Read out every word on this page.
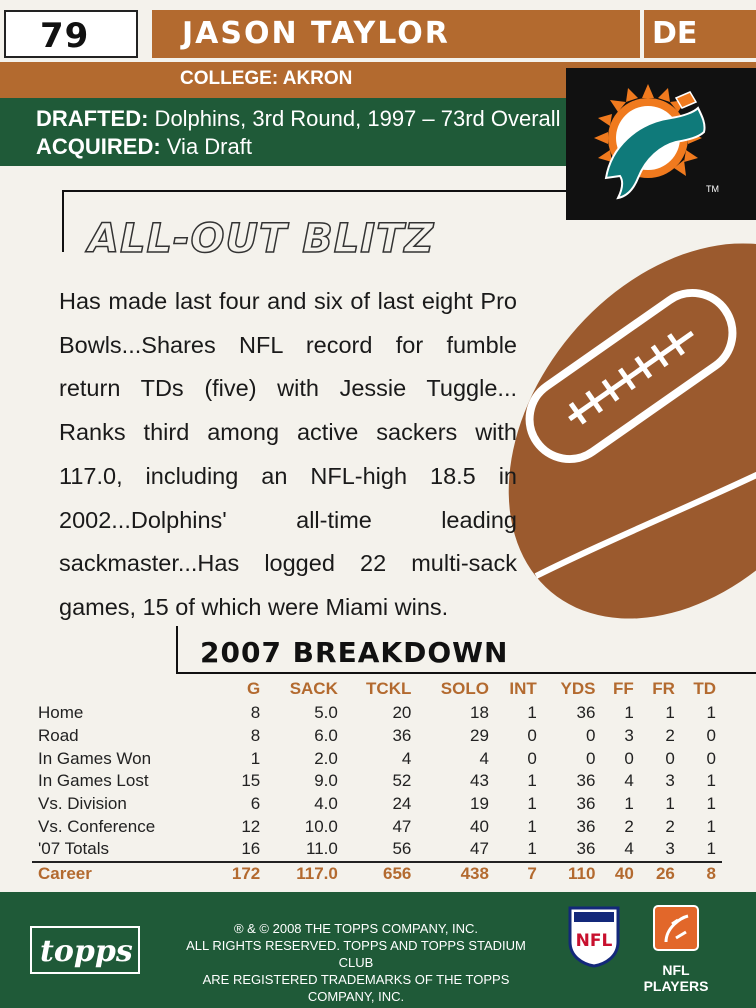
79	JASON TAYLOR	DE
COLLEGE: AKRON
DRAFTED: Dolphins, 3rd Round, 1997 – 73rd Overall
ACQUIRED: Via Draft
TM
ALL-OUT BLITZ
Has made last four and six of last eight Pro Bowls...Shares NFL record for fumble return TDs (five) with Jessie Tuggle... Ranks third among active sackers with 117.0, including an NFL-high 18.5 in 2002...Dolphins' all-time leading sackmaster...Has logged 22 multi-sack games, 15 of which were Miami wins.
2007 BREAKDOWN
	G	SACK	TCKL	SOLO	INT	YDS	FF	FR	TD
Home	8	5.0	20	18	1	36	1	1	1
Road	8	6.0	36	29	0	0	3	2	0
In Games Won	1	2.0	4	4	0	0	0	0	0
In Games Lost	15	9.0	52	43	1	36	4	3	1
Vs. Division	6	4.0	24	19	1	36	1	1	1
Vs. Conference	12	10.0	47	40	1	36	2	2	1
'07 Totals	16	11.0	56	47	1	36	4	3	1
Career	172	117.0	656	438	7	110	40	26	8
topps
® & © 2008 THE TOPPS COMPANY, INC.
ALL RIGHTS RESERVED. TOPPS AND TOPPS STADIUM CLUB
ARE REGISTERED TRADEMARKS OF THE TOPPS COMPANY, INC.
NFL
NFL PLAYERS
